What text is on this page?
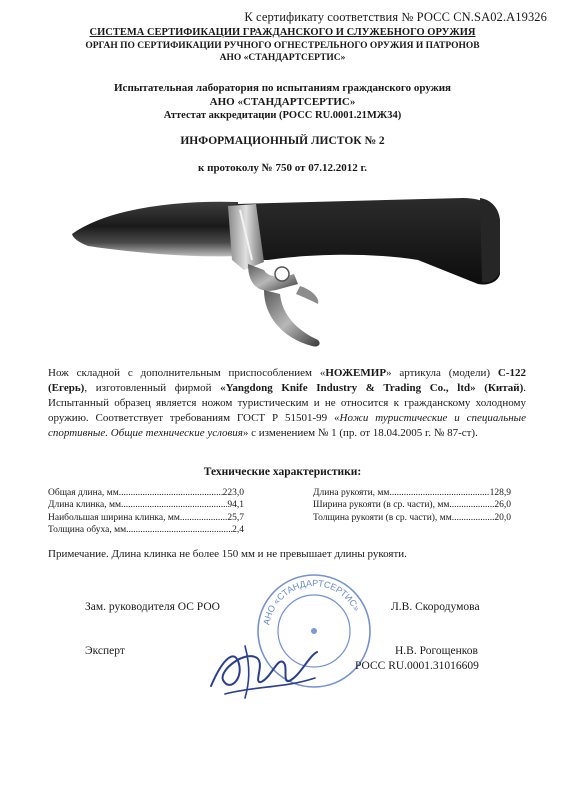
К сертификату соответствия № РОСС CN.SA02.A19326
СИСТЕМА СЕРТИФИКАЦИИ ГРАЖДАНСКОГО И СЛУЖЕБНОГО ОРУЖИЯ
ОРГАН ПО СЕРТИФИКАЦИИ РУЧНОГО ОГНЕСТРЕЛЬНОГО ОРУЖИЯ И ПАТРОНОВ
АНО «СТАНДАРТСЕРТИС»
Испытательная лаборатория по испытаниям гражданского оружия
АНО «СТАНДАРТСЕРТИС»
Аттестат аккредитации (РОСС RU.0001.21МЖ34)
ИНФОРМАЦИОННЫЙ ЛИСТОК № 2
к протоколу № 750 от 07.12.2012 г.
Нож складной с дополнительным приспособлением «НОЖЕМИР» артикула (модели) С-122 (Егерь), изготовленный фирмой «Yangdong Knife Industry & Trading Co., ltd» (Китай). Испытанный образец является ножом туристическим и не относится к гражданскому холодному оружию. Соответствует требованиям ГОСТ Р 51501-99 «Ножи туристические и специальные спортивные. Общие технические условия» с изменением № 1 (пр. от 18.04.2005 г. № 87-ст).
Технические характеристики:
Общая длина, мм .....	223,0
Длина клинка, мм .....	94,1
Наибольшая ширина клинка, мм .....	25,7
Толщина обуха, мм .....	2,4
Длина рукояти, мм .....	128,9
Ширина рукояти (в ср. части), мм .....	26,0
Толщина рукояти (в ср. части), мм .....	20,0
Примечание. Длина клинка не более 150 мм и не превышает длины рукояти.
АНО «СТАНДАРТСЕРТИС»
Зам. руководителя ОС РОО	Л.В. Скородумова
Эксперт	Н.В. Рогощенков
РОСС RU.0001.31016609
